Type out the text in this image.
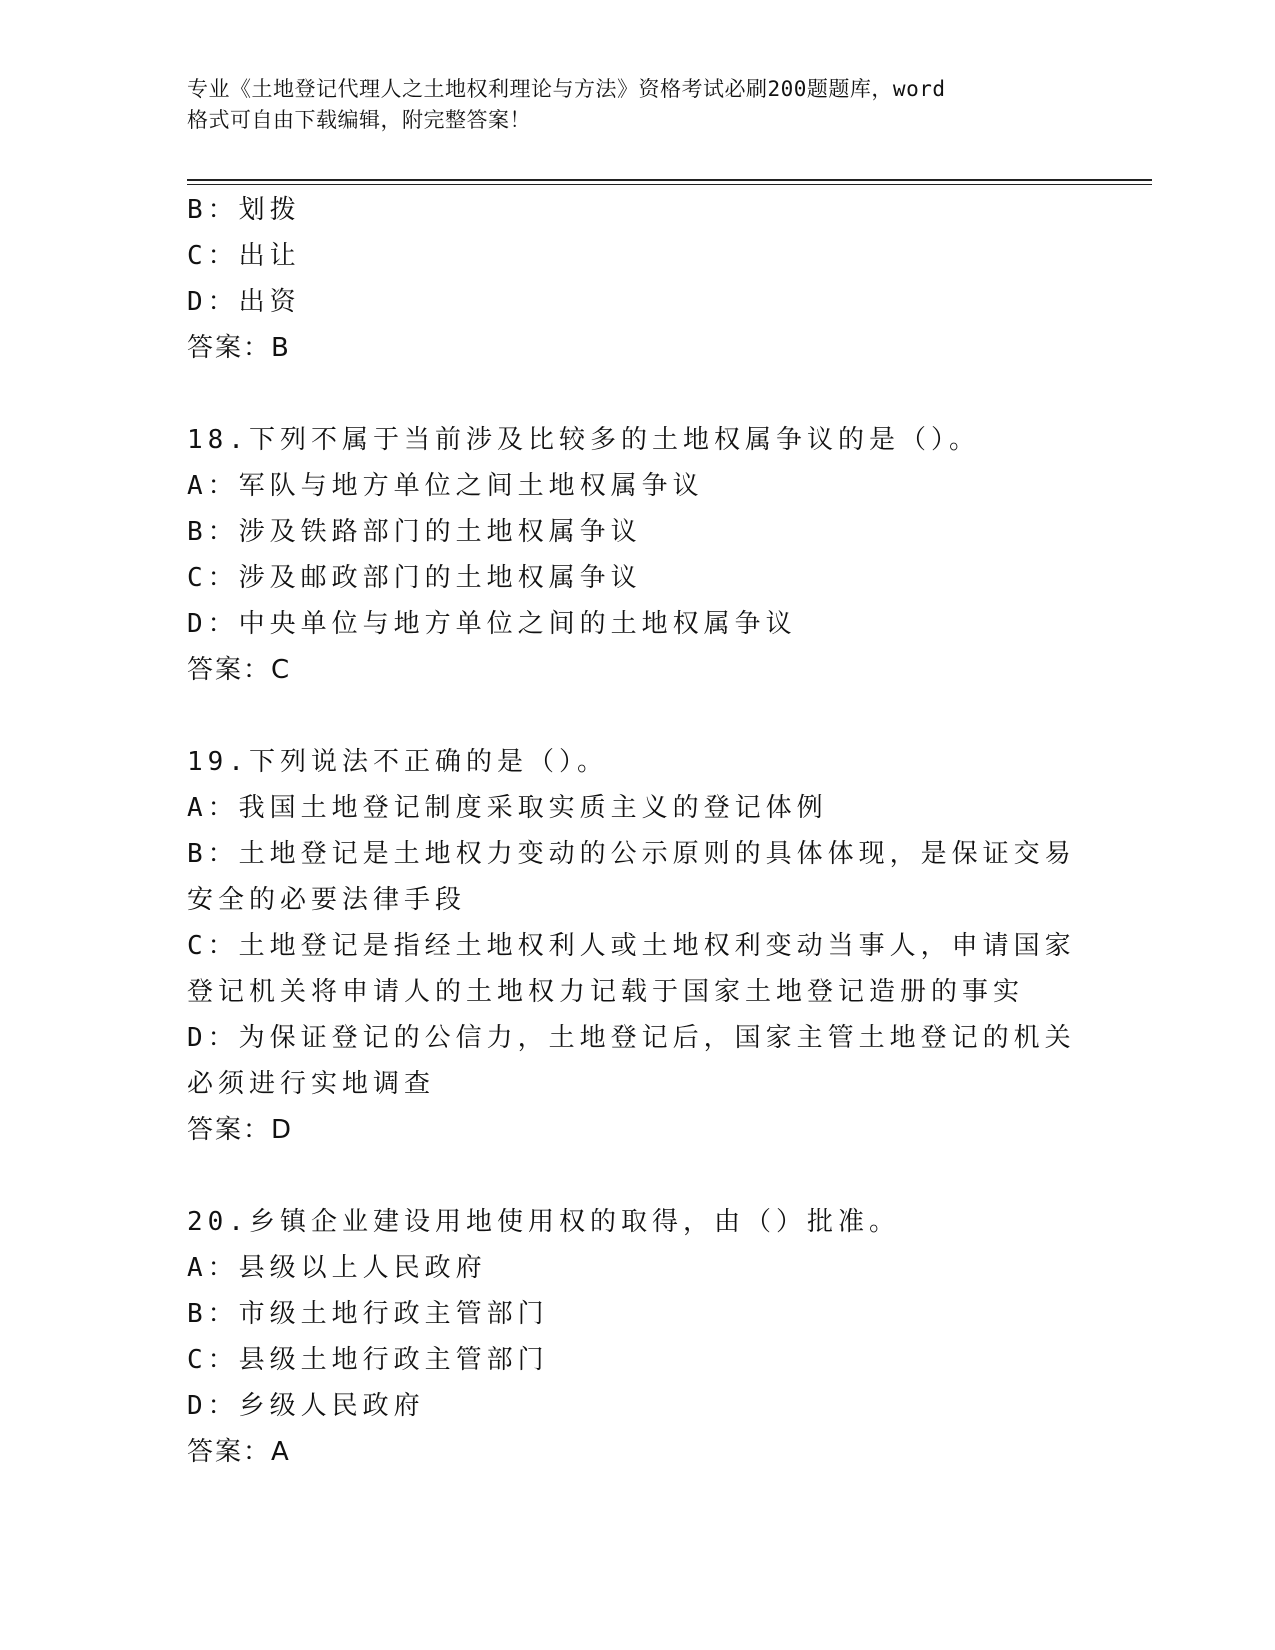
专业《土地登记代理人之土地权利理论与方法》资格考试必刷200题题库，word
格式可自由下载编辑，附完整答案！
B：划拨
C：出让
D：出资
答案：B
18.下列不属于当前涉及比较多的土地权属争议的是（）。
A：军队与地方单位之间土地权属争议
B：涉及铁路部门的土地权属争议
C：涉及邮政部门的土地权属争议
D：中央单位与地方单位之间的土地权属争议
答案：C
19.下列说法不正确的是（）。
A：我国土地登记制度采取实质主义的登记体例
B：土地登记是土地权力变动的公示原则的具体体现，是保证交易安全的必要法律手段
C：土地登记是指经土地权利人或土地权利变动当事人，申请国家登记机关将申请人的土地权力记载于国家土地登记造册的事实
D：为保证登记的公信力，土地登记后，国家主管土地登记的机关必须进行实地调查
答案：D
20.乡镇企业建设用地使用权的取得，由（）批准。
A：县级以上人民政府
B：市级土地行政主管部门
C：县级土地行政主管部门
D：乡级人民政府
答案：A
